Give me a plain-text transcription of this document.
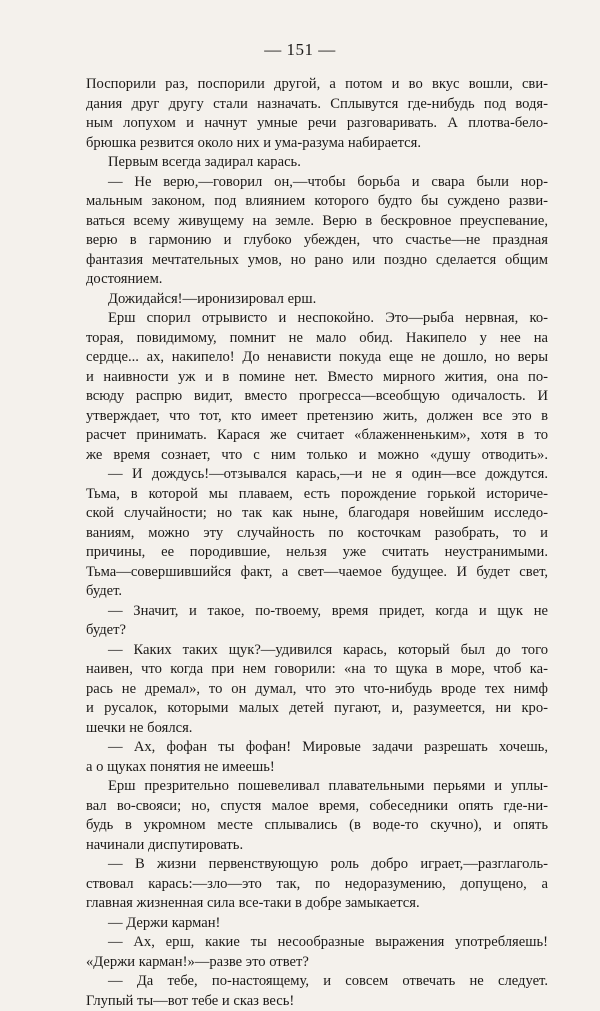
— 151 —
Поспорили раз, поспорили другой, а потом и во вкус вошли, сви-
дания друг другу стали назначать. Сплывутся где-нибудь под водя-
ным лопухом и начнут умные речи разговаривать. А плотва-бело-
брюшка резвится около них и ума-разума набирается.
Первым всегда задирал карась.
— Не верю,—говорил он,—чтобы борьба и свара были нор-
мальным законом, под влиянием которого будто бы суждено разви-
ваться всему живущему на земле. Верю в бескровное преуспевание,
верю в гармонию и глубоко убежден, что счастье—не праздная
фантазия мечтательных умов, но рано или поздно сделается общим
достоянием.
Дожидайся!—иронизировал ерш.
Ерш спорил отрывисто и неспокойно. Это—рыба нервная, ко-
торая, повидимому, помнит не мало обид. Накипело у нее на
сердце... ах, накипело! До ненависти покуда еще не дошло, но веры
и наивности уж и в помине нет. Вместо мирного жития, она по-
всюду распрю видит, вместо прогресса—всеобщую одичалость. И
утверждает, что тот, кто имеет претензию жить, должен все это в
расчет принимать. Карася же считает «блаженненьким», хотя в то
же время сознает, что с ним только и можно «душу отводить».
— И дождусь!—отзывался карась,—и не я один—все дождутся.
Тьма, в которой мы плаваем, есть порождение горькой историче-
ской случайности; но так как ныне, благодаря новейшим исследо-
ваниям, можно эту случайность по косточкам разобрать, то и
причины, ее породившие, нельзя уже считать неустранимыми.
Тьма—совершившийся факт, а свет—чаемое будущее. И будет свет,
будет.
— Значит, и такое, по-твоему, время придет, когда и щук не
будет?
— Каких таких щук?—удивился карась, который был до того
наивен, что когда при нем говорили: «на то щука в море, чтоб ка-
рась не дремал», то он думал, что это что-нибудь вроде тех нимф
и русалок, которыми малых детей пугают, и, разумеется, ни кро-
шечки не боялся.
— Ах, фофан ты фофан! Мировые задачи разрешать хочешь,
а о щуках понятия не имеешь!
Ерш презрительно пошевеливал плавательными перьями и уплы-
вал во-свояси; но, спустя малое время, собеседники опять где-ни-
будь в укромном месте сплывались (в воде-то скучно), и опять
начинали диспутировать.
— В жизни первенствующую роль добро играет,—разглаголь-
ствовал карась:—зло—это так, по недоразумению, допущено, а
главная жизненная сила все-таки в добре замыкается.
— Держи карман!
— Ах, ерш, какие ты несообразные выражения употребляешь!
«Держи карман!»—разве это ответ?
— Да тебе, по-настоящему, и совсем отвечать не следует.
Глупый ты—вот тебе и сказ весь!
